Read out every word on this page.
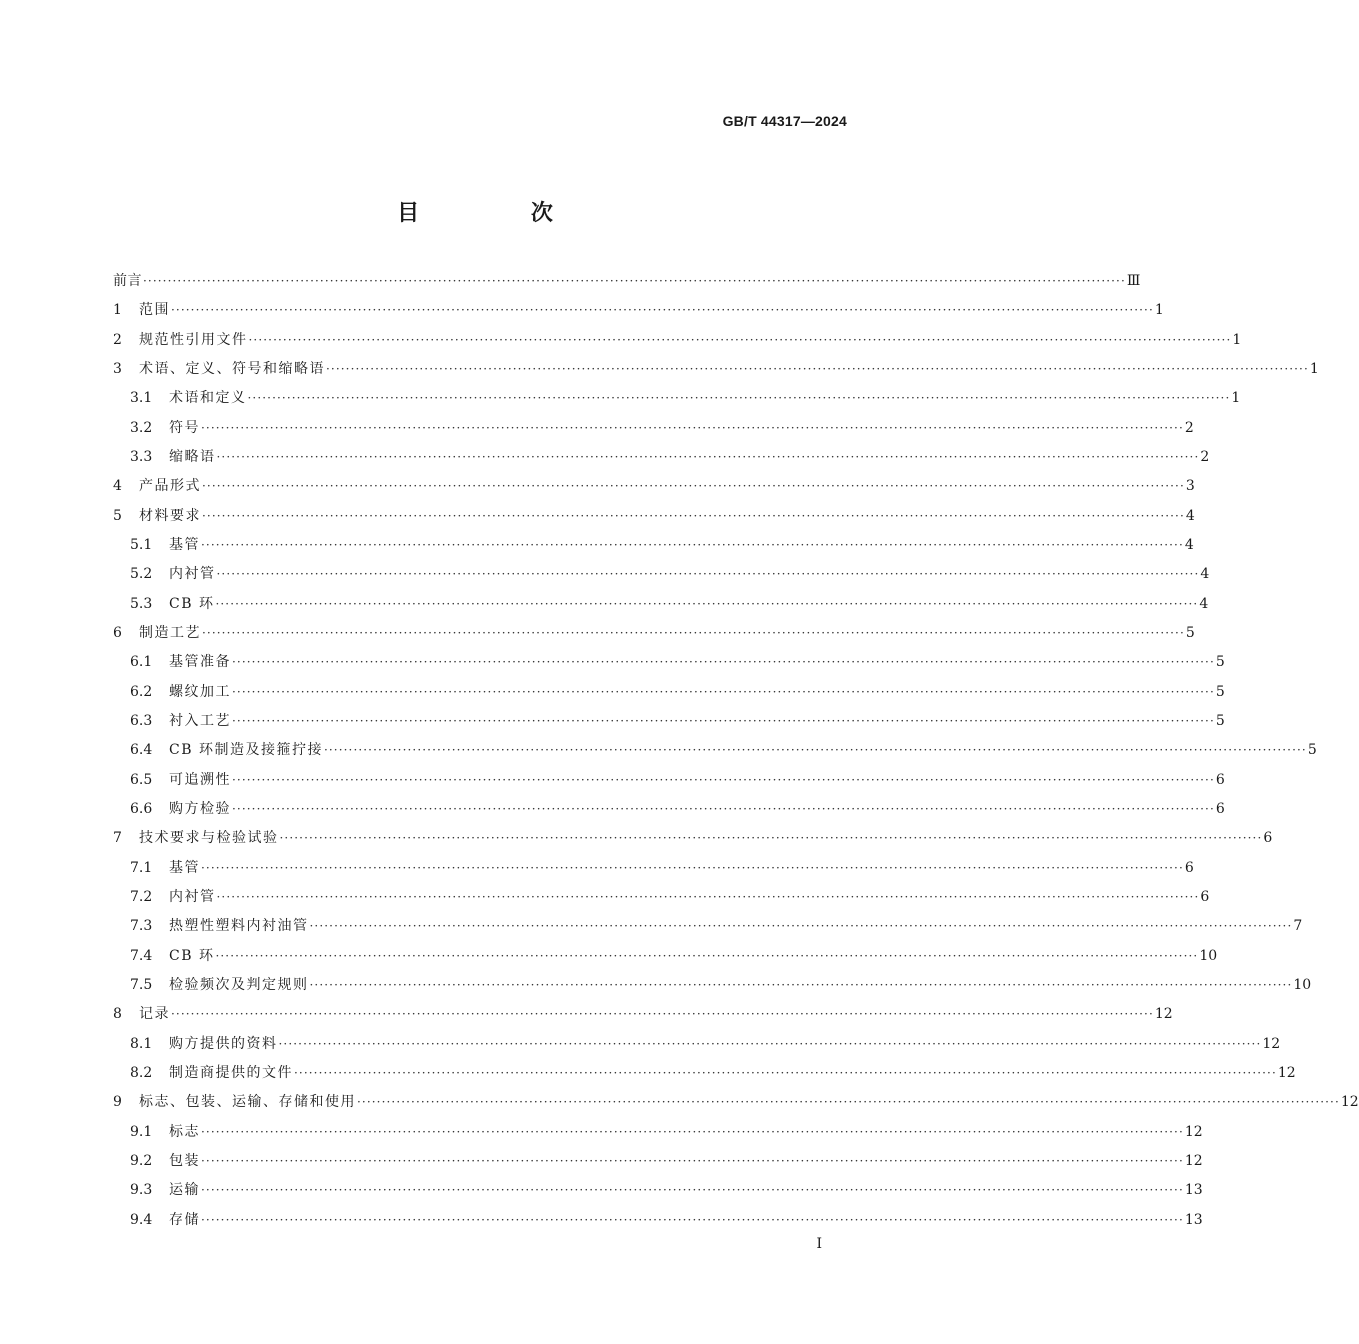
GB/T 44317—2024
目 次
前言 ········································································································································································································ Ⅲ
1	范围 ········································································································································································································ 1
2	规范性引用文件 ········································································································································································································ 1
3	术语、定义、符号和缩略语 ········································································································································································································ 1
3.1	术语和定义 ········································································································································································································ 1
3.2	符号 ········································································································································································································ 2
3.3	缩略语 ········································································································································································································ 2
4	产品形式 ········································································································································································································ 3
5	材料要求 ········································································································································································································ 4
5.1	基管 ········································································································································································································ 4
5.2	内衬管 ········································································································································································································ 4
5.3	CB 环 ········································································································································································································ 4
6	制造工艺 ········································································································································································································ 5
6.1	基管准备 ········································································································································································································ 5
6.2	螺纹加工 ········································································································································································································ 5
6.3	衬入工艺 ········································································································································································································ 5
6.4	CB 环制造及接箍拧接 ········································································································································································································ 5
6.5	可追溯性 ········································································································································································································ 6
6.6	购方检验 ········································································································································································································ 6
7	技术要求与检验试验 ········································································································································································································ 6
7.1	基管 ········································································································································································································ 6
7.2	内衬管 ········································································································································································································ 6
7.3	热塑性塑料内衬油管 ········································································································································································································ 7
7.4	CB 环 ········································································································································································································ 10
7.5	检验频次及判定规则 ········································································································································································································ 10
8	记录 ········································································································································································································ 12
8.1	购方提供的资料 ········································································································································································································ 12
8.2	制造商提供的文件 ········································································································································································································ 12
9	标志、包装、运输、存储和使用 ········································································································································································································ 12
9.1	标志 ········································································································································································································ 12
9.2	包装 ········································································································································································································ 12
9.3	运输 ········································································································································································································ 13
9.4	存储 ········································································································································································································ 13
I
